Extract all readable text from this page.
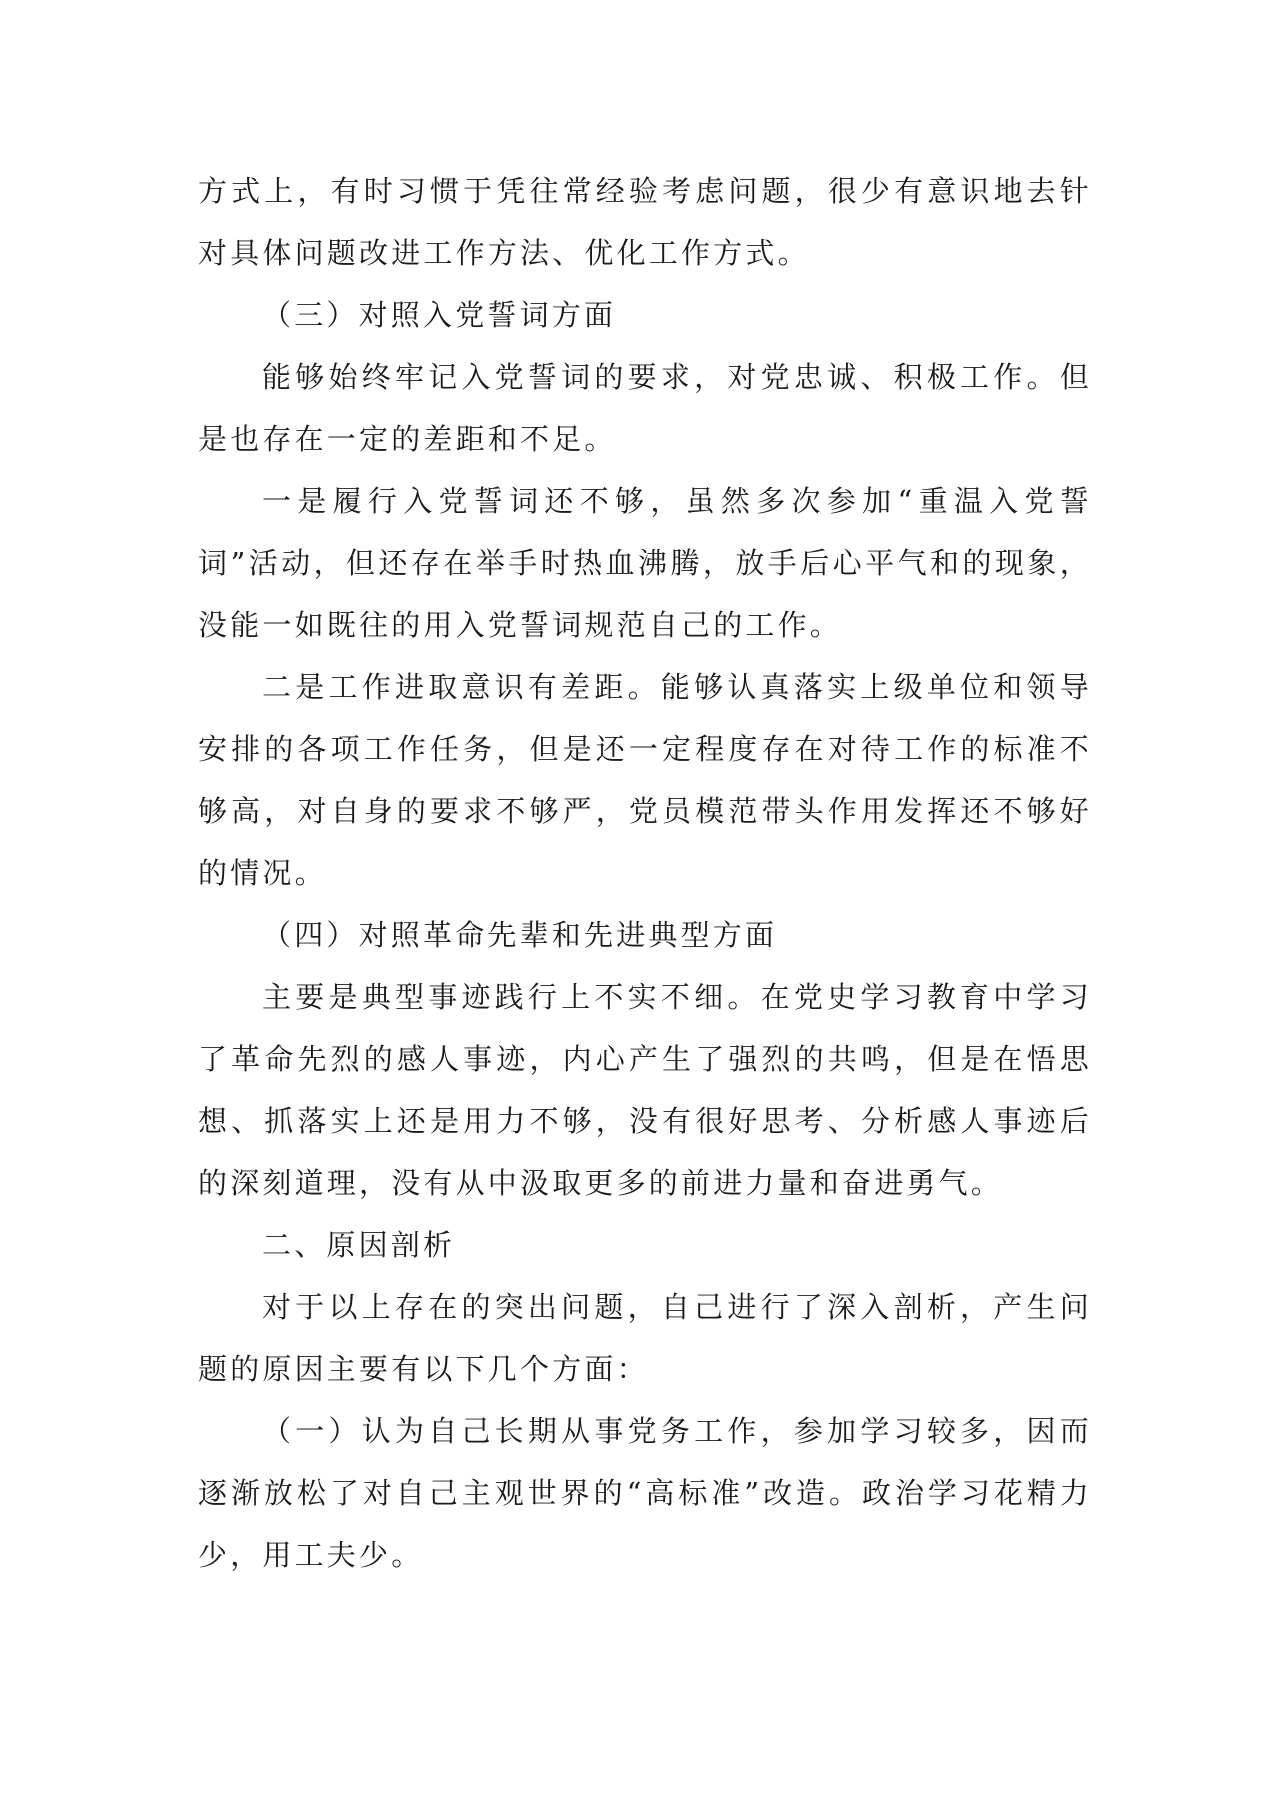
方式上，有时习惯于凭往常经验考虑问题，很少有意识地去针对具体问题改进工作方法、优化工作方式。

（三）对照入党誓词方面

能够始终牢记入党誓词的要求，对党忠诚、积极工作。但是也存在一定的差距和不足。

一是履行入党誓词还不够，虽然多次参加“重温入党誓词”活动，但还存在举手时热血沸腾，放手后心平气和的现象，没能一如既往的用入党誓词规范自己的工作。

二是工作进取意识有差距。能够认真落实上级单位和领导安排的各项工作任务，但是还一定程度存在对待工作的标准不够高，对自身的要求不够严，党员模范带头作用发挥还不够好的情况。

（四）对照革命先辈和先进典型方面

主要是典型事迹践行上不实不细。在党史学习教育中学习了革命先烈的感人事迹，内心产生了强烈的共鸣，但是在悟思想、抓落实上还是用力不够，没有很好思考、分析感人事迹后的深刻道理，没有从中汲取更多的前进力量和奋进勇气。

二、原因剖析

对于以上存在的突出问题，自己进行了深入剖析，产生问题的原因主要有以下几个方面：

（一）认为自己长期从事党务工作，参加学习较多，因而逐渐放松了对自己主观世界的“高标准”改造。政治学习花精力少，用工夫少。
